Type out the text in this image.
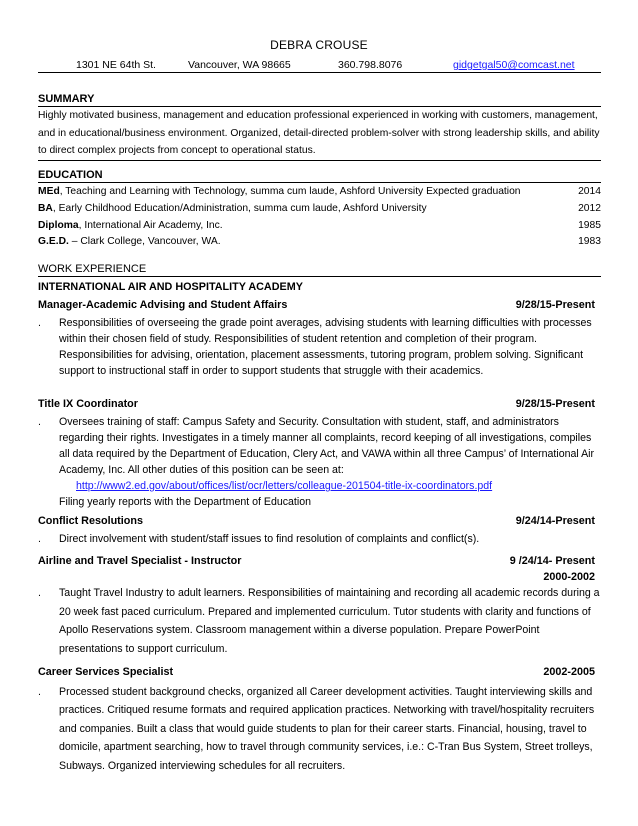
DEBRA CROUSE
1301 NE 64th St.	Vancouver, WA 98665	360.798.8076	gidgetgal50@comcast.net
SUMMARY
Highly motivated business, management and education professional experienced in working with customers, management, and in educational/business environment. Organized, detail-directed problem-solver with strong leadership skills, and ability to direct complex projects from concept to operational status.
EDUCATION
MEd, Teaching and Learning with Technology, summa cum laude, Ashford University Expected graduation	2014
BA, Early Childhood Education/Administration, summa cum laude, Ashford University	2012
Diploma, International Air Academy, Inc.	1985
G.E.D. – Clark College, Vancouver, WA.	1983
WORK EXPERIENCE
INTERNATIONAL AIR AND HOSPITALITY ACADEMY
Manager-Academic Advising and Student Affairs	9/28/15-Present
. Responsibilities of overseeing the grade point averages, advising students with learning difficulties with processes within their chosen field of study. Responsibilities of student retention and completion of their program. Responsibilities for advising, orientation, placement assessments, tutoring program, problem solving. Significant support to instructional staff in order to support students that struggle with their academics.
Title IX Coordinator	9/28/15-Present
. Oversees training of staff: Campus Safety and Security. Consultation with student, staff, and administrators regarding their rights. Investigates in a timely manner all complaints, record keeping of all investigations, compiles all data required by the Department of Education, Clery Act, and VAWA within all three Campus’ of International Air Academy, Inc. All other duties of this position can be seen at:
http://www2.ed.gov/about/offices/list/ocr/letters/colleague-201504-title-ix-coordinators.pdf
Filing yearly reports with the Department of Education
Conflict Resolutions	9/24/14-Present
. Direct involvement with student/staff issues to find resolution of complaints and conflict(s).
Airline and Travel Specialist - Instructor	9 /24/14- Present
2000-2002
. Taught Travel Industry to adult learners. Responsibilities of maintaining and recording all academic records during a 20 week fast paced curriculum. Prepared and implemented curriculum. Tutor students with clarity and functions of Apollo Reservations system. Classroom management within a diverse population. Prepare PowerPoint presentations to support curriculum.
Career Services Specialist	2002-2005
. Processed student background checks, organized all Career development activities. Taught interviewing skills and practices. Critiqued resume formats and required application practices. Networking with travel/hospitality recruiters and companies. Built a class that would guide students to plan for their career starts. Financial, housing, travel to domicile, apartment searching, how to travel through community services, i.e.: C-Tran Bus System, Street trolleys, Subways. Organized interviewing schedules for all recruiters.
